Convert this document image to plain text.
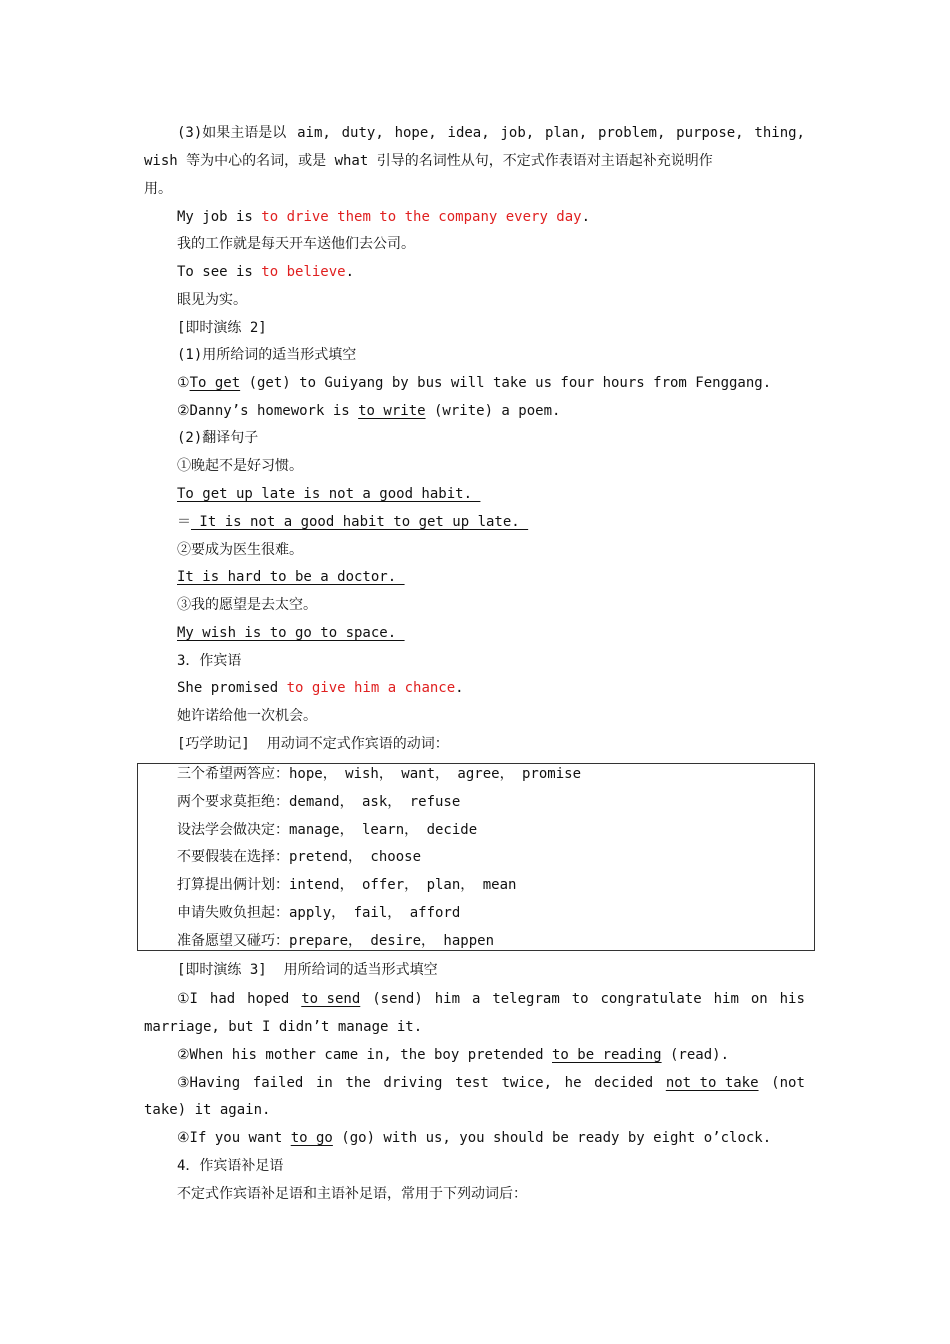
(3)如果主语是以 aim, duty, hope, idea, job, plan, problem, purpose, thing,
wish 等为中心的名词，或是 what 引导的名词性从句，不定式作表语对主语起补充说明作
用。
My job is to drive them to the company every day.
我的工作就是每天开车送他们去公司。
To see is to believe.
眼见为实。
[即时演练 2]
(1)用所给词的适当形式填空
①To get (get) to Guiyang by bus will take us four hours from Fenggang.
②Danny’s homework is to write (write) a poem.
(2)翻译句子
①晚起不是好习惯。
To get up late is not a good habit.
＝ It is not a good habit to get up late.
②要成为医生很难。
It is hard to be a doctor.
③我的愿望是去太空。
My wish is to go to space.
3．作宾语
She promised to give him a chance.
她许诺给他一次机会。
[巧学助记]  用动词不定式作宾语的动词：
三个希望两答应：hope， wish， want， agree， promise
两个要求莫拒绝：demand， ask， refuse
设法学会做决定：manage， learn， decide
不要假装在选择：pretend， choose
打算提出俩计划：intend， offer， plan， mean
申请失败负担起：apply， fail， afford
准备愿望又碰巧：prepare， desire， happen
[即时演练 3]  用所给词的适当形式填空
①I had hoped to send (send) him a telegram to congratulate him on his
marriage, but I didn’t manage it.
②When his mother came in, the boy pretended to be reading (read).
③Having failed in the driving test twice, he decided not to take (not
take) it again.
④If you want to go (go) with us, you should be ready by eight o’clock.
4．作宾语补足语
不定式作宾语补足语和主语补足语，常用于下列动词后：
